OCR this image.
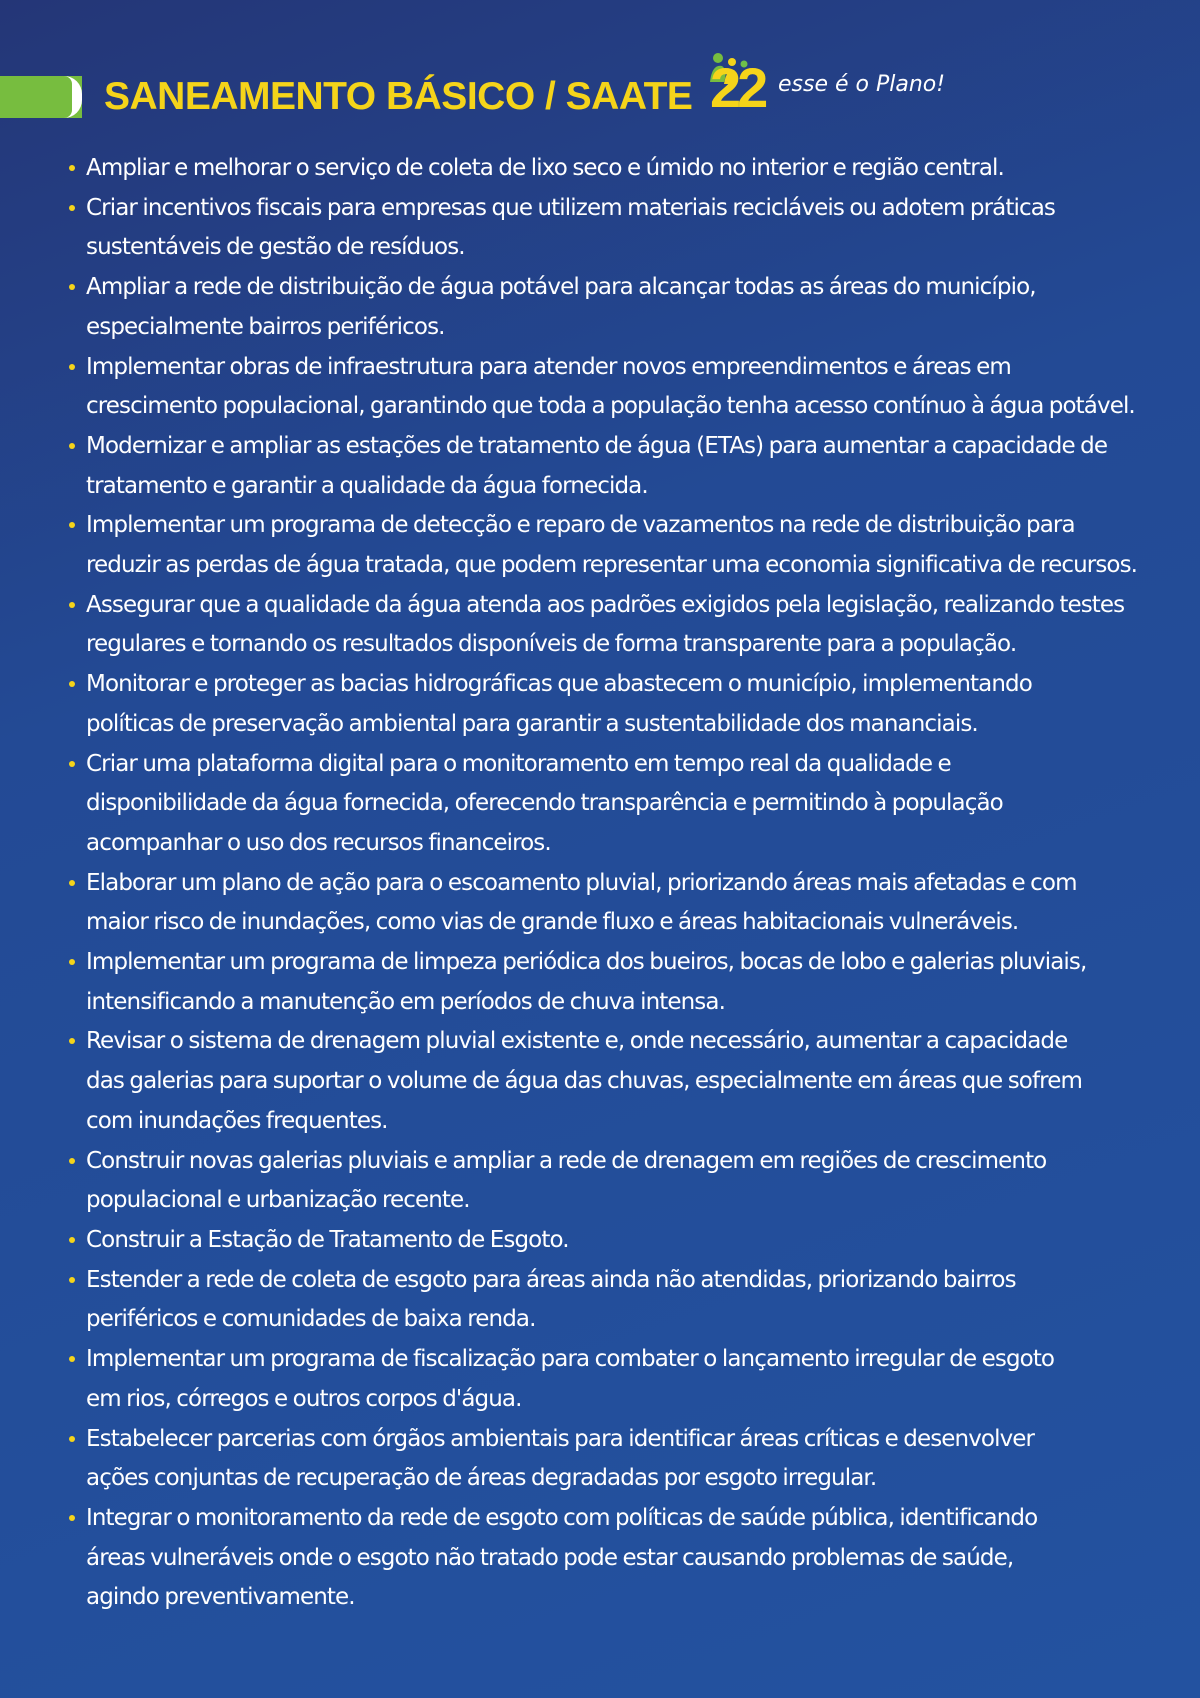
SANEAMENTO BÁSICO / SAATE 22 esse é o Plano!
Ampliar e melhorar o serviço de coleta de lixo seco e úmido no interior e região central.
Criar incentivos fiscais para empresas que utilizem materiais recicláveis ou adotem práticas
sustentáveis de gestão de resíduos.
Ampliar a rede de distribuição de água potável para alcançar todas as áreas do município,
especialmente bairros periféricos.
Implementar obras de infraestrutura para atender novos empreendimentos e áreas em
crescimento populacional, garantindo que toda a população tenha acesso contínuo à água potável.
Modernizar e ampliar as estações de tratamento de água (ETAs) para aumentar a capacidade de
tratamento e garantir a qualidade da água fornecida.
Implementar um programa de detecção e reparo de vazamentos na rede de distribuição para
reduzir as perdas de água tratada, que podem representar uma economia significativa de recursos.
Assegurar que a qualidade da água atenda aos padrões exigidos pela legislação, realizando testes
regulares e tornando os resultados disponíveis de forma transparente para a população.
Monitorar e proteger as bacias hidrográficas que abastecem o município, implementando
políticas de preservação ambiental para garantir a sustentabilidade dos mananciais.
Criar uma plataforma digital para o monitoramento em tempo real da qualidade e
disponibilidade da água fornecida, oferecendo transparência e permitindo à população
acompanhar o uso dos recursos financeiros.
Elaborar um plano de ação para o escoamento pluvial, priorizando áreas mais afetadas e com
maior risco de inundações, como vias de grande fluxo e áreas habitacionais vulneráveis.
Implementar um programa de limpeza periódica dos bueiros, bocas de lobo e galerias pluviais,
intensificando a manutenção em períodos de chuva intensa.
Revisar o sistema de drenagem pluvial existente e, onde necessário, aumentar a capacidade
das galerias para suportar o volume de água das chuvas, especialmente em áreas que sofrem
com inundações frequentes.
Construir novas galerias pluviais e ampliar a rede de drenagem em regiões de crescimento
populacional e urbanização recente.
Construir a Estação de Tratamento de Esgoto.
Estender a rede de coleta de esgoto para áreas ainda não atendidas, priorizando bairros
periféricos e comunidades de baixa renda.
Implementar um programa de fiscalização para combater o lançamento irregular de esgoto
em rios, córregos e outros corpos d'água.
Estabelecer parcerias com órgãos ambientais para identificar áreas críticas e desenvolver
ações conjuntas de recuperação de áreas degradadas por esgoto irregular.
Integrar o monitoramento da rede de esgoto com políticas de saúde pública, identificando
áreas vulneráveis onde o esgoto não tratado pode estar causando problemas de saúde,
agindo preventivamente.
